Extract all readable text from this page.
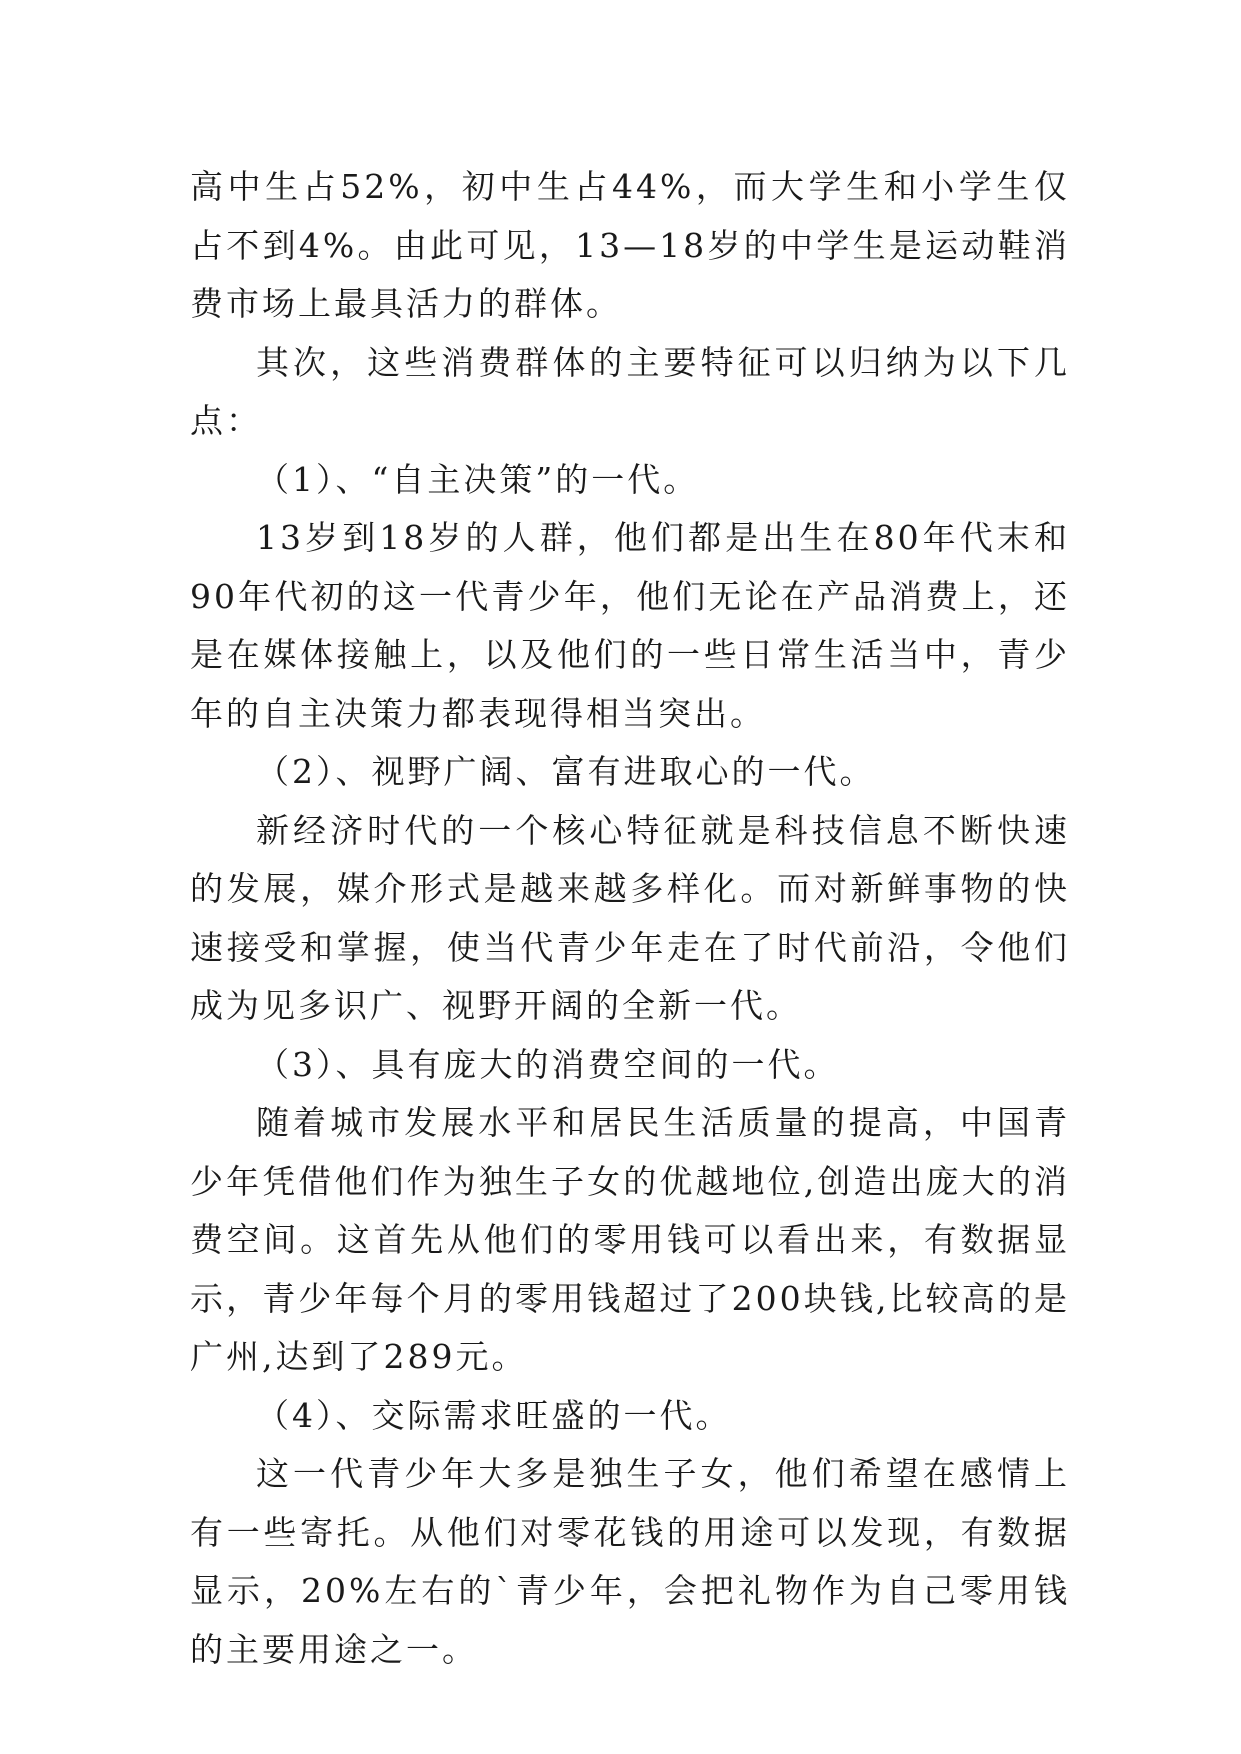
高中生占52%，初中生占44%，而大学生和小学生仅占不到4%。由此可见，13—18岁的中学生是运动鞋消费市场上最具活力的群体。

其次，这些消费群体的主要特征可以归纳为以下几点：

（1）、“自主决策”的一代。

13岁到18岁的人群，他们都是出生在80年代末和90年代初的这一代青少年，他们无论在产品消费上，还是在媒体接触上，以及他们的一些日常生活当中，青少年的自主决策力都表现得相当突出。

（2）、视野广阔、富有进取心的一代。

新经济时代的一个核心特征就是科技信息不断快速的发展，媒介形式是越来越多样化。而对新鲜事物的快速接受和掌握，使当代青少年走在了时代前沿，令他们成为见多识广、视野开阔的全新一代。

（3）、具有庞大的消费空间的一代。

随着城市发展水平和居民生活质量的提高，中国青少年凭借他们作为独生子女的优越地位,创造出庞大的消费空间。这首先从他们的零用钱可以看出来，有数据显示，青少年每个月的零用钱超过了200块钱,比较高的是广州,达到了289元。

（4）、交际需求旺盛的一代。

这一代青少年大多是独生子女，他们希望在感情上有一些寄托。从他们对零花钱的用途可以发现，有数据显示，20%左右的`青少年，会把礼物作为自己零用钱的主要用途之一。
